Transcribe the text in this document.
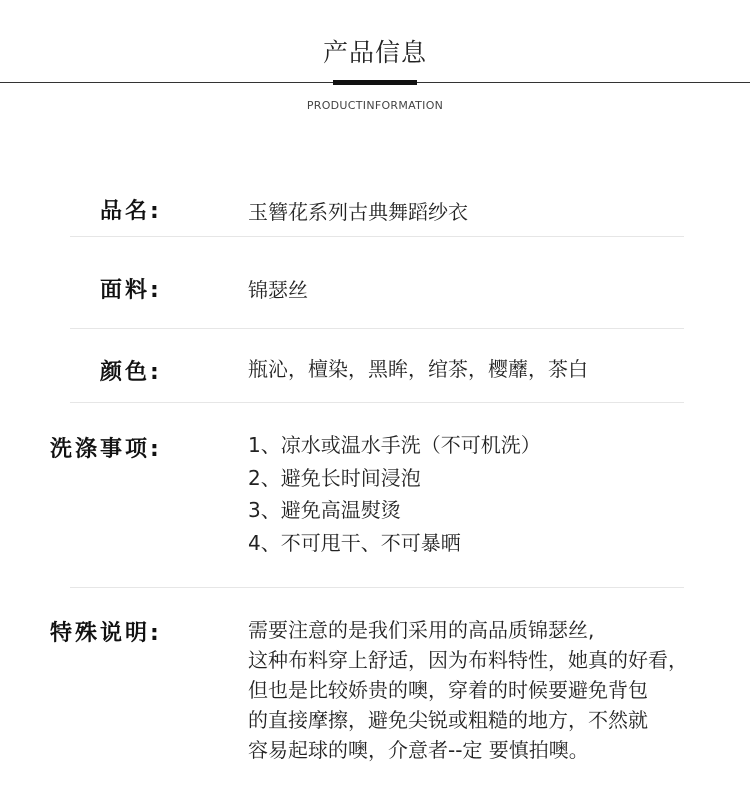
产品信息
PRODUCTINFORMATION
品名:	玉簪花系列古典舞蹈纱衣
面料:	锦瑟丝
颜色:	瓶沁，檀染，黑眸，绾茶，樱蘼，茶白
洗涤事项:	1、凉水或温水手洗（不可机洗）
2、避免长时间浸泡
3、避免高温熨烫
4、不可甩干、不可暴晒
特殊说明:	需要注意的是我们采用的高品质锦瑟丝,
这种布料穿上舒适，因为布料特性，她真的好看，
但也是比较娇贵的噢，穿着的时候要避免背包
的直接摩擦，避免尖锐或粗糙的地方，不然就
容易起球的噢，介意者--定 要慎拍噢。
